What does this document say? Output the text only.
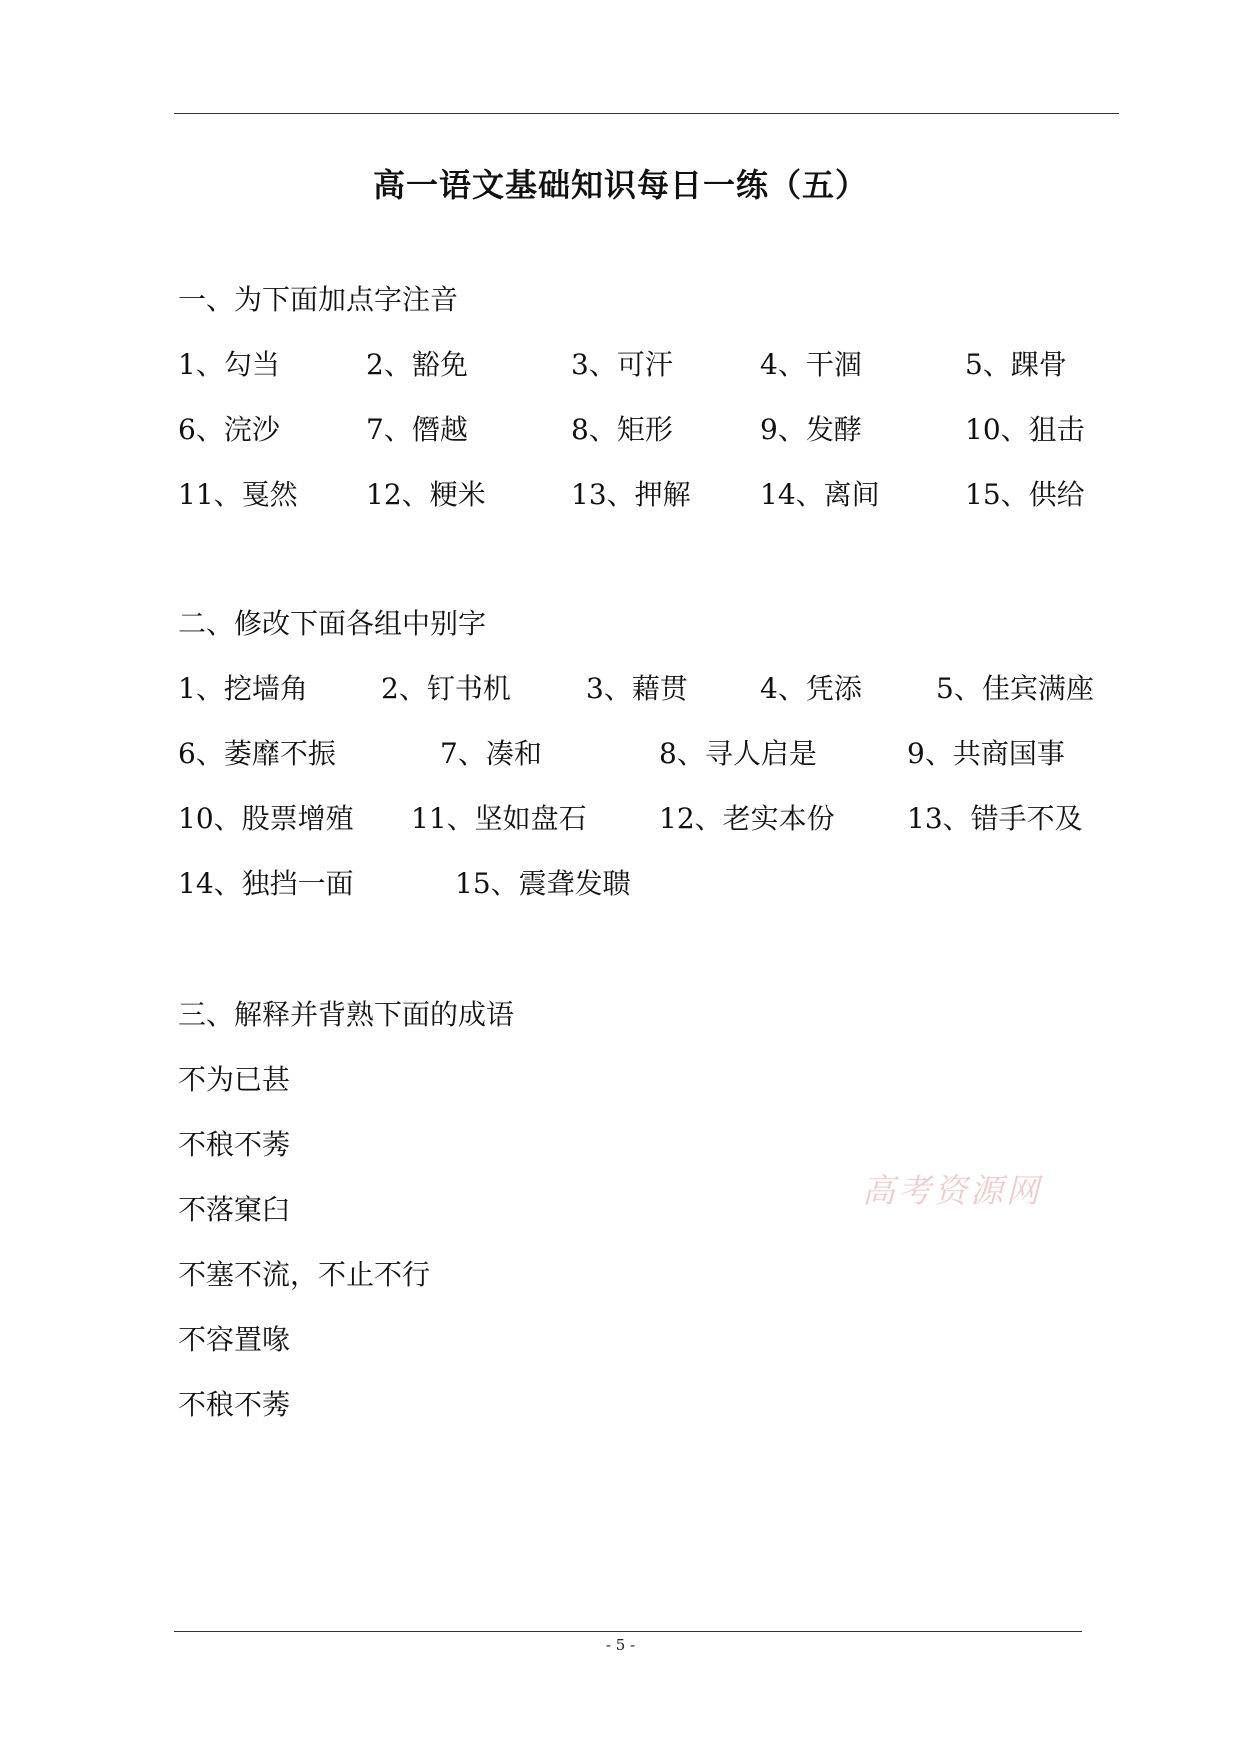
高一语文基础知识每日一练（五）
一、为下面加点字注音
1、勾当	2、豁免	3、可汗	4、干涸	5、踝骨
6、浣沙	7、僭越	8、矩形	9、发酵	10、狙击
11、戛然 12、粳米	13、押解 14、离间	15、供给
二、修改下面各组中别字
1、挖墙角	2、钉书机	3、藉贯	4、凭添	5、佳宾满座
6、萎靡不振	7、凑和	8、寻人启是	9、共商国事
10、股票增殖 11、坚如盘石	12、老实本份	13、错手不及
14、独挡一面	15、震聋发聩
三、解释并背熟下面的成语
不为已甚
不稂不莠
不落窠臼
不塞不流，不止不行
不容置喙
不稂不莠
高考资源网
- 5 -
